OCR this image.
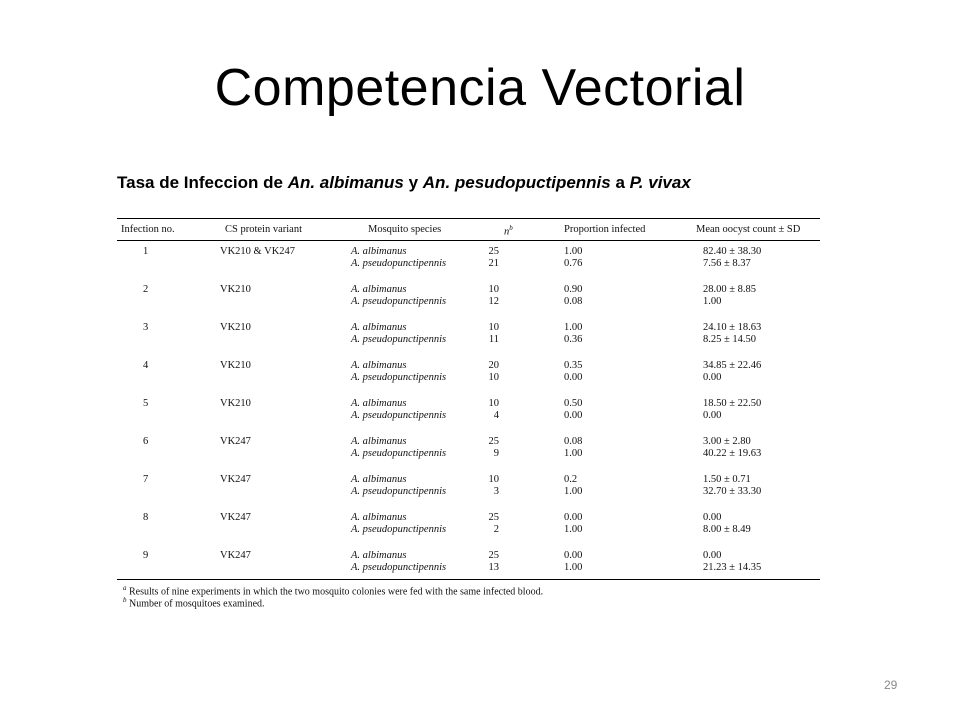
Competencia Vectorial
Tasa de Infeccion de An. albimanus y An. pesudopuctipennis a P. vivax
Infection no.	CS protein variant	Mosquito species	$n^b$	Proportion infected	Mean oocyst count ± SD
1	VK210 & VK247	A. albimanus	25	1.00	82.40 ± 38.30
A. pseudopunctipennis	21	0.76	7.56 ± 8.37
2	VK210	A. albimanus	10	0.90	28.00 ± 8.85
A. pseudopunctipennis	12	0.08	1.00
3	VK210	A. albimanus	10	1.00	24.10 ± 18.63
A. pseudopunctipennis	11	0.36	8.25 ± 14.50
4	VK210	A. albimanus	20	0.35	34.85 ± 22.46
A. pseudopunctipennis	10	0.00	0.00
5	VK210	A. albimanus	10	0.50	18.50 ± 22.50
A. pseudopunctipennis	4	0.00	0.00
6	VK247	A. albimanus	25	0.08	3.00 ± 2.80
A. pseudopunctipennis	9	1.00	40.22 ± 19.63
7	VK247	A. albimanus	10	0.2	1.50 ± 0.71
A. pseudopunctipennis	3	1.00	32.70 ± 33.30
8	VK247	A. albimanus	25	0.00	0.00
A. pseudopunctipennis	2	1.00	8.00 ± 8.49
9	VK247	A. albimanus	25	0.00	0.00
A. pseudopunctipennis	13	1.00	21.23 ± 14.35
$^a$ Results of nine experiments in which the two mosquito colonies were fed with the same infected blood.
$^b$ Number of mosquitoes examined.
29
